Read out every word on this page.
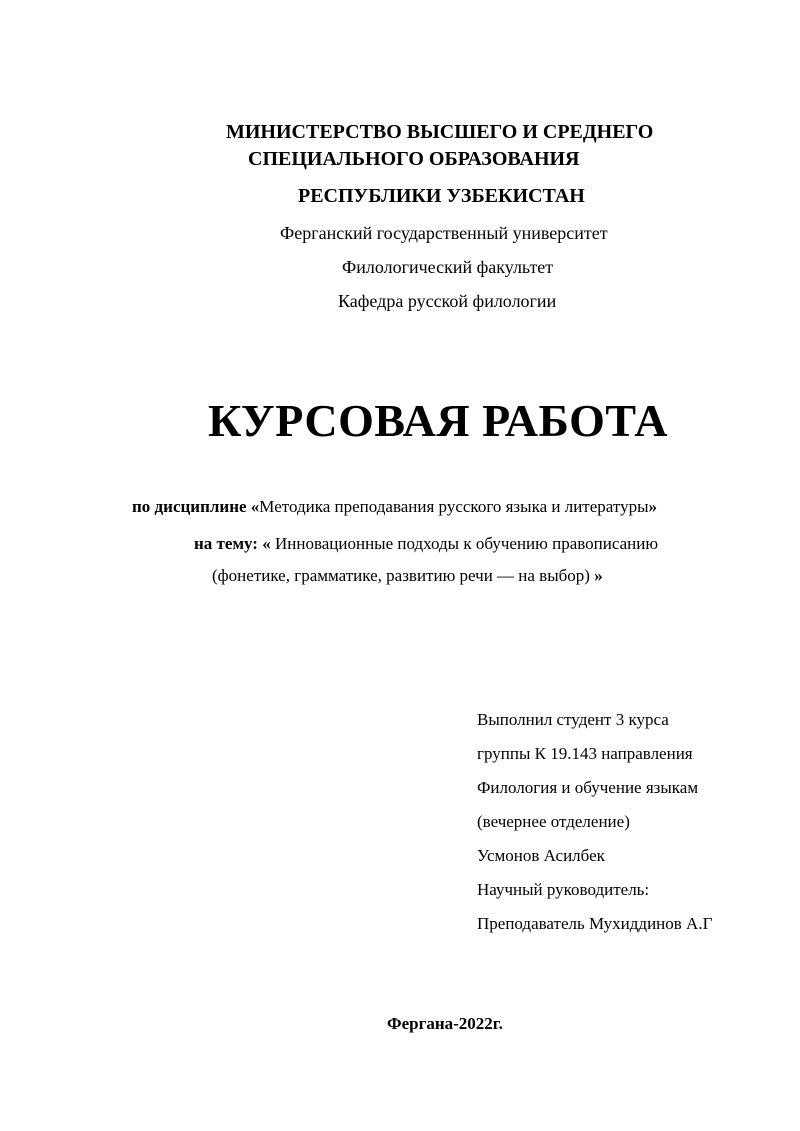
МИНИСТЕРСТВО ВЫСШЕГО И СРЕДНЕГО
СПЕЦИАЛЬНОГО ОБРАЗОВАНИЯ
РЕСПУБЛИКИ УЗБЕКИСТАН
Ферганский государственный университет
Филологический факультет
Кафедра русской филологии
КУРСОВАЯ РАБОТА
по дисциплине «Методика преподавания русского языка и литературы»
на тему: « Инновационные подходы к обучению правописанию
(фонетике, грамматике, развитию речи — на выбор) »
Выполнил студент 3 курса
группы К 19.143 направления
Филология и обучение языкам
(вечернее отделение)
Усмонов Асилбек
Научный руководитель:
Преподаватель Мухиддинов А.Г
Фергана-2022г.
